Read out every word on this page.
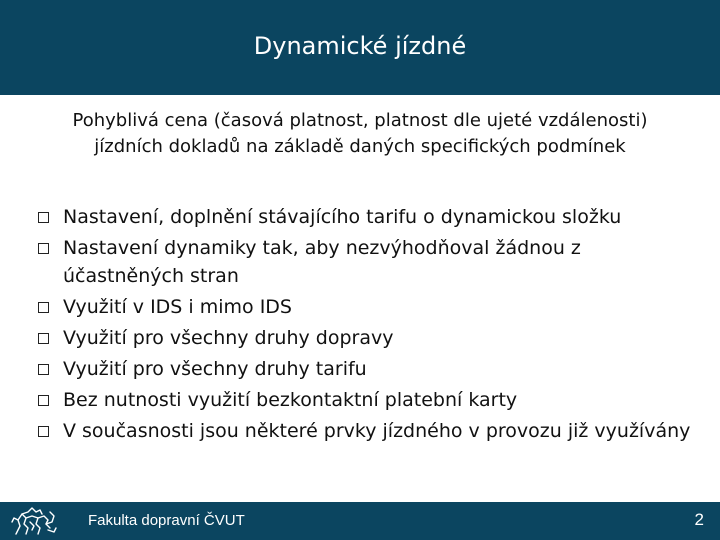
Dynamické jízdné
Pohyblivá cena (časová platnost, platnost dle ujeté vzdálenosti) jízdních dokladů na základě daných specifických podmínek
Nastavení, doplnění stávajícího tarifu o dynamickou složku
Nastavení dynamiky tak, aby nezvýhodňoval žádnou z účastněných stran
Využití v IDS i mimo IDS
Využití pro všechny druhy dopravy
Využití pro všechny druhy tarifu
Bez nutnosti využití bezkontaktní platební karty
V současnosti jsou některé prvky jízdného v provozu již využívány
Fakulta dopravní ČVUT	2
